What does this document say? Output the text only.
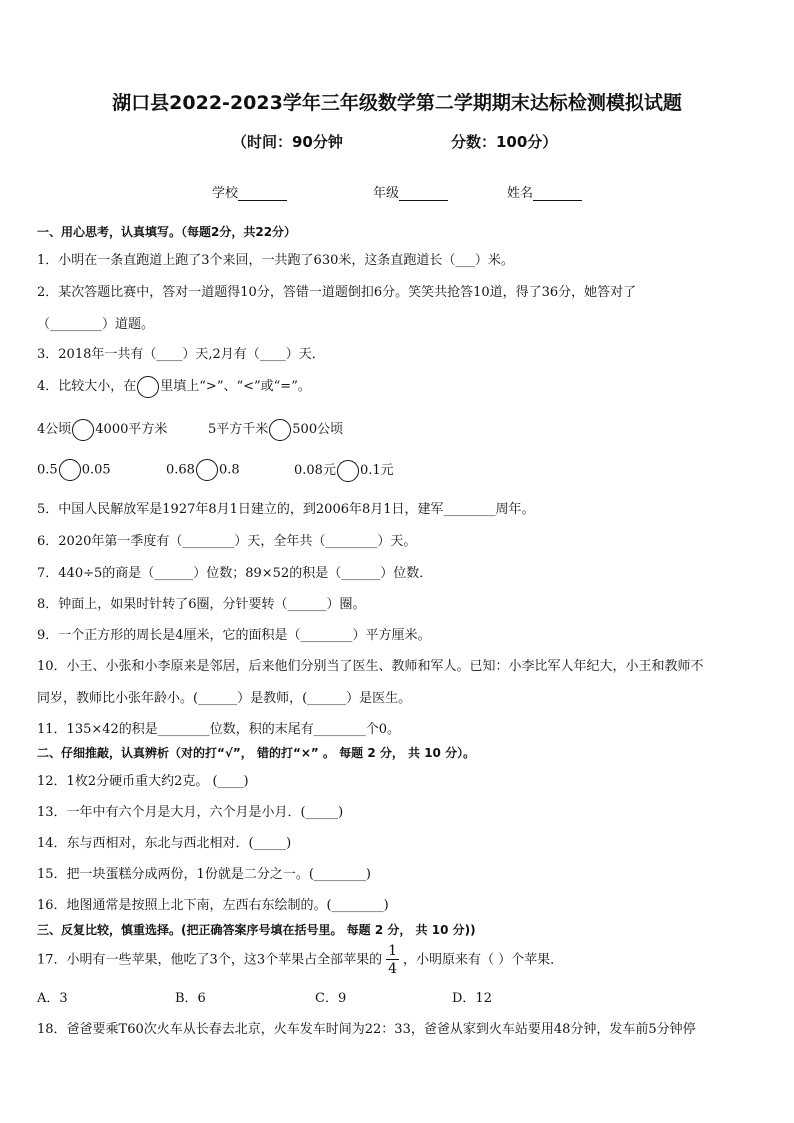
湖口县2022-2023学年三年级数学第二学期期末达标检测模拟试题
（时间：90分钟	分数：100分）
学校	年级	姓名
一、用心思考，认真填写。（每题2分，共22分）
1．小明在一条直跑道上跑了3个来回，一共跑了630米，这条直跑道长（___）米。
2．某次答题比赛中，答对一道题得10分，答错一道题倒扣6分。笑笑共抢答10道，得了36分，她答对了
（________）道题。
3．2018年一共有（____）天,2月有（____）天．
4．比较大小，在 里填上“>”、“<”或“=”。
4公顷 4000平方米	5平方千米 500公顷
0.5 0.05	0.68 0.8	0.08元 0.1元
5．中国人民解放军是1927年8月1日建立的，到2006年8月1日，建军________周年。
6．2020年第一季度有（________）天，全年共（________）天。
7．440÷5的商是（______）位数；89×52的积是（______）位数．
8．钟面上，如果时针转了6圈，分针要转（______）圈。
9．一个正方形的周长是4厘米，它的面积是（________）平方厘米。
10．小王、小张和小李原来是邻居，后来他们分别当了医生、教师和军人。已知：小李比军人年纪大，小王和教师不
同岁，教师比小张年龄小。(______）是教师，(______）是医生。
11．135×42的积是________位数，积的末尾有________个0。
二、仔细推敲，认真辨析（对的打“√”， 错的打“×” 。 每题 2 分， 共 10 分）。
12．1枚2分硬币重大约2克。 (____)
13．一年中有六个月是大月，六个月是小月．(_____)
14．东与西相对，东北与西北相对．(_____)
15．把一块蛋糕分成两份，1份就是二分之一。(________)
16．地图通常是按照上北下南，左西右东绘制的。(________)
三、反复比较，慎重选择。(把正确答案序号填在括号里。 每题 2 分， 共 10 分))
17．小明有一些苹果，他吃了3个，这3个苹果占全部苹果的 $\frac{1}{4}$ ，小明原来有（ ）个苹果．
A．3	B．6	C．9	D．12
18．爸爸要乘T60次火车从长春去北京，火车发车时间为22：33，爸爸从家到火车站要用48分钟，发车前5分钟停
